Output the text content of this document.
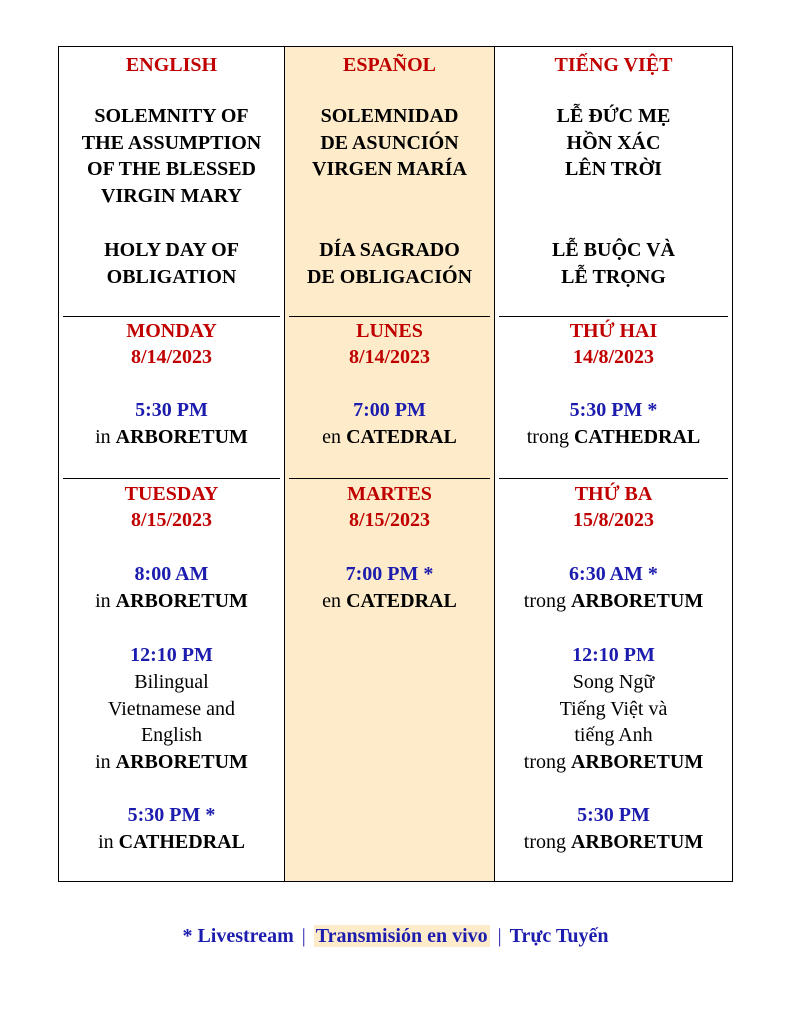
ENGLISH
SOLEMNITY OF
THE ASSUMPTION
OF THE BLESSED
VIRGIN MARY
HOLY DAY OF
OBLIGATION
MONDAY
8/14/2023
5:30 PM
in ARBORETUM
TUESDAY
8/15/2023
8:00 AM
in ARBORETUM
12:10 PM
Bilingual
Vietnamese and
English
in ARBORETUM
5:30 PM *
in CATHEDRAL
ESPAÑOL
SOLEMNIDAD
DE ASUNCIÓN
VIRGEN MARÍA
DÍA SAGRADO
DE OBLIGACIÓN
LUNES
8/14/2023
7:00 PM
en CATEDRAL
MARTES
8/15/2023
7:00 PM *
en CATEDRAL
TIẾNG VIỆT
LỄ ĐỨC MẸ
HỒN XÁC
LÊN TRỜI
LỄ BUỘC VÀ
LỄ TRỌNG
THỨ HAI
14/8/2023
5:30 PM *
trong CATHEDRAL
THỨ BA
15/8/2023
6:30 AM *
trong ARBORETUM
12:10 PM
Song Ngữ
Tiếng Việt và
tiếng Anh
trong ARBORETUM
5:30 PM
trong ARBORETUM
* Livestream | Transmisión en vivo | Trực Tuyến
